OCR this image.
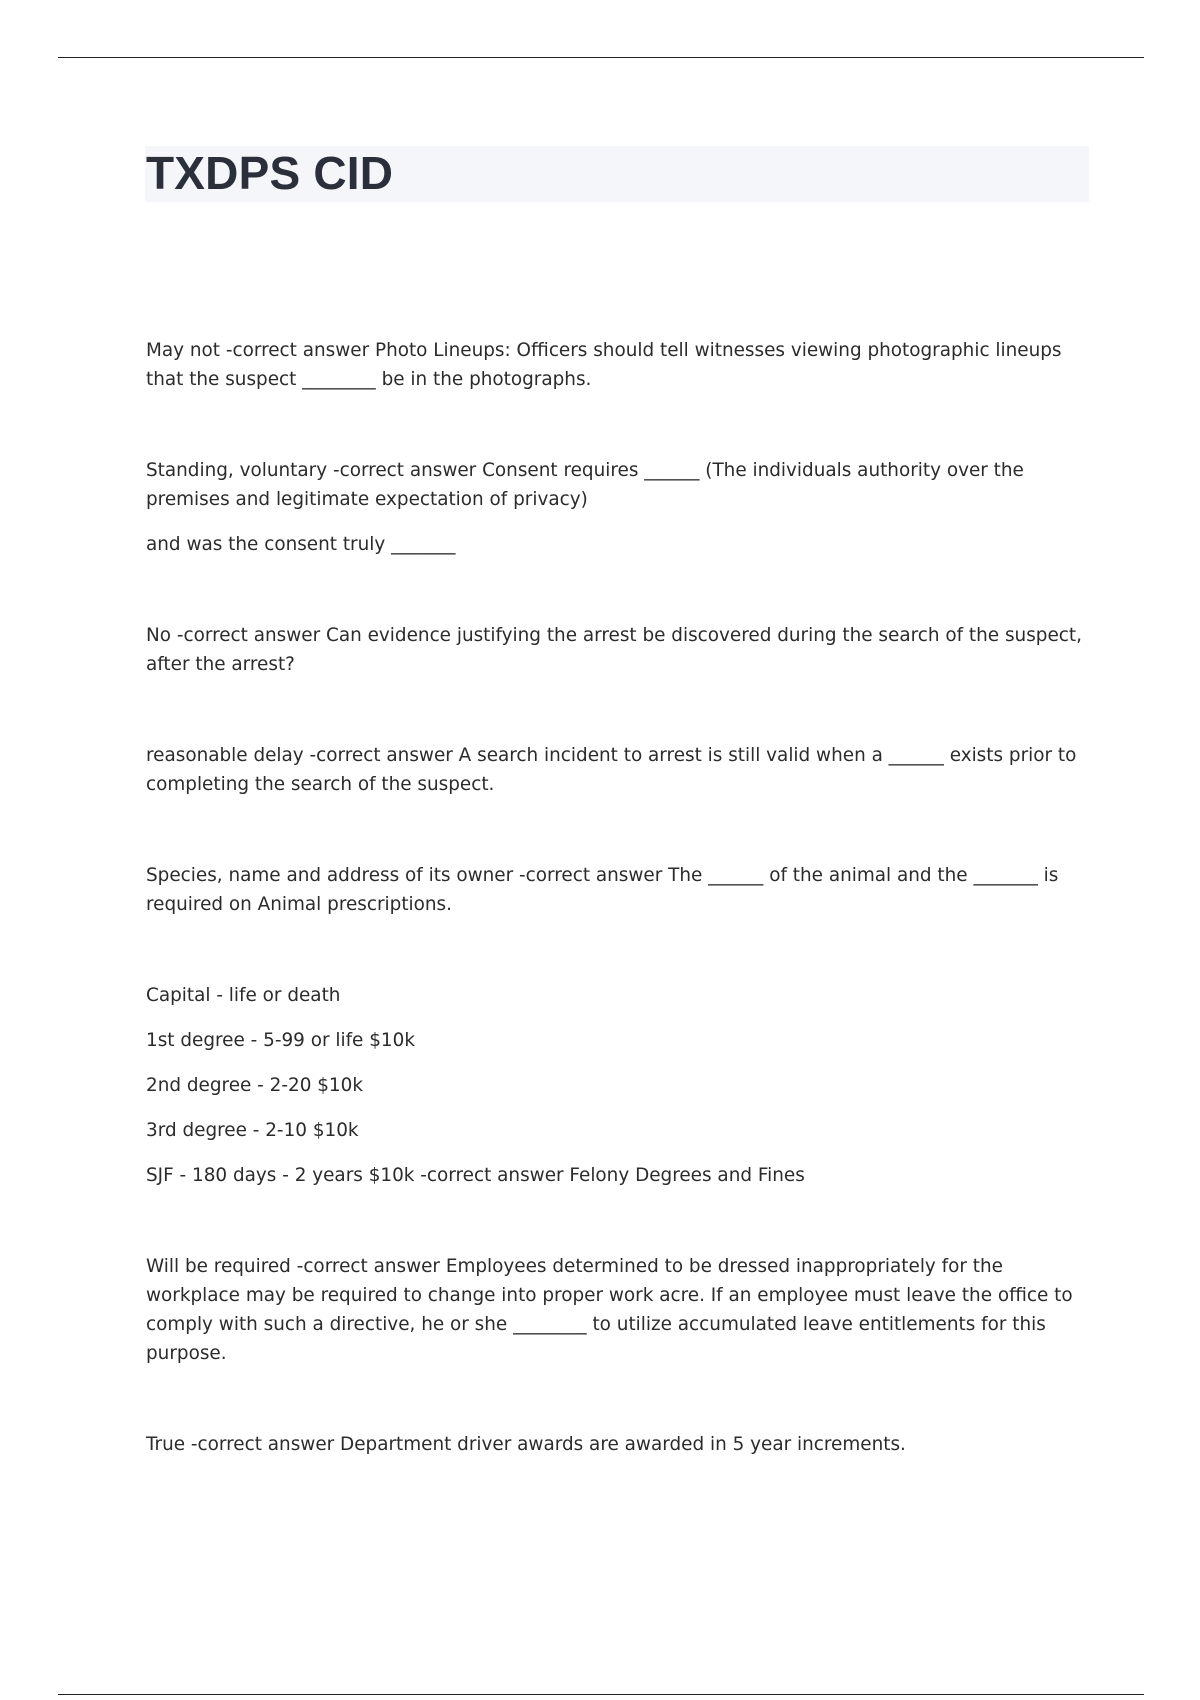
TXDPS CID

May not -correct answer Photo Lineups: Officers should tell witnesses viewing photographic lineups that the suspect ________ be in the photographs.

Standing, voluntary -correct answer Consent requires ______ (The individuals authority over the premises and legitimate expectation of privacy)

and was the consent truly _______

No -correct answer Can evidence justifying the arrest be discovered during the search of the suspect, after the arrest?

reasonable delay -correct answer A search incident to arrest is still valid when a ______ exists prior to completing the search of the suspect.

Species, name and address of its owner -correct answer The ______ of the animal and the _______ is required on Animal prescriptions.

Capital - life or death

1st degree - 5-99 or life $10k

2nd degree - 2-20 $10k

3rd degree - 2-10 $10k

SJF - 180 days - 2 years $10k -correct answer Felony Degrees and Fines

Will be required -correct answer Employees determined to be dressed inappropriately for the workplace may be required to change into proper work acre. If an employee must leave the office to comply with such a directive, he or she ________ to utilize accumulated leave entitlements for this purpose.

True -correct answer Department driver awards are awarded in 5 year increments.
